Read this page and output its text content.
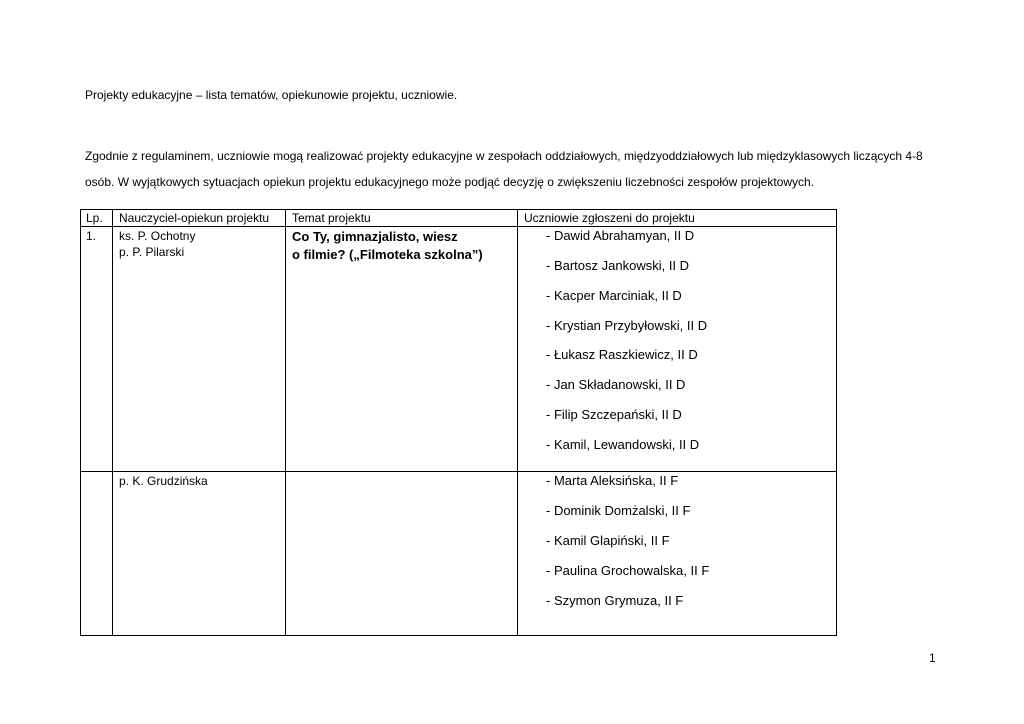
Projekty edukacyjne – lista tematów, opiekunowie projektu, uczniowie.
Zgodnie z regulaminem, uczniowie mogą realizować projekty edukacyjne w zespołach oddziałowych, międzyoddziałowych lub międzyklasowych liczących 4-8
osób. W wyjątkowych sytuacjach opiekun projektu edukacyjnego może podjąć decyzję o zwiększeniu liczebności zespołów projektowych.
Lp. Nauczyciel-opiekun projektu Temat projektu	Uczniowie zgłoszeni do projektu
1. ks. P. Ochotny
p. P. Pilarski
Co Ty, gimnazjalisto, wiesz
o filmie? („Filmoteka szkolna”)
- Dawid Abrahamyan, II D
- Bartosz Jankowski, II D
- Kacper Marciniak, II D
- Krystian Przybyłowski, II D
- Łukasz Raszkiewicz, II D
- Jan Składanowski, II D
- Filip Szczepański, II D
- Kamil, Lewandowski, II D
p. K. Grudzińska	- Marta Aleksińska, II F
- Dominik Domżalski, II F
- Kamil Glapiński, II F
- Paulina Grochowalska, II F
- Szymon Grymuza, II F
1
